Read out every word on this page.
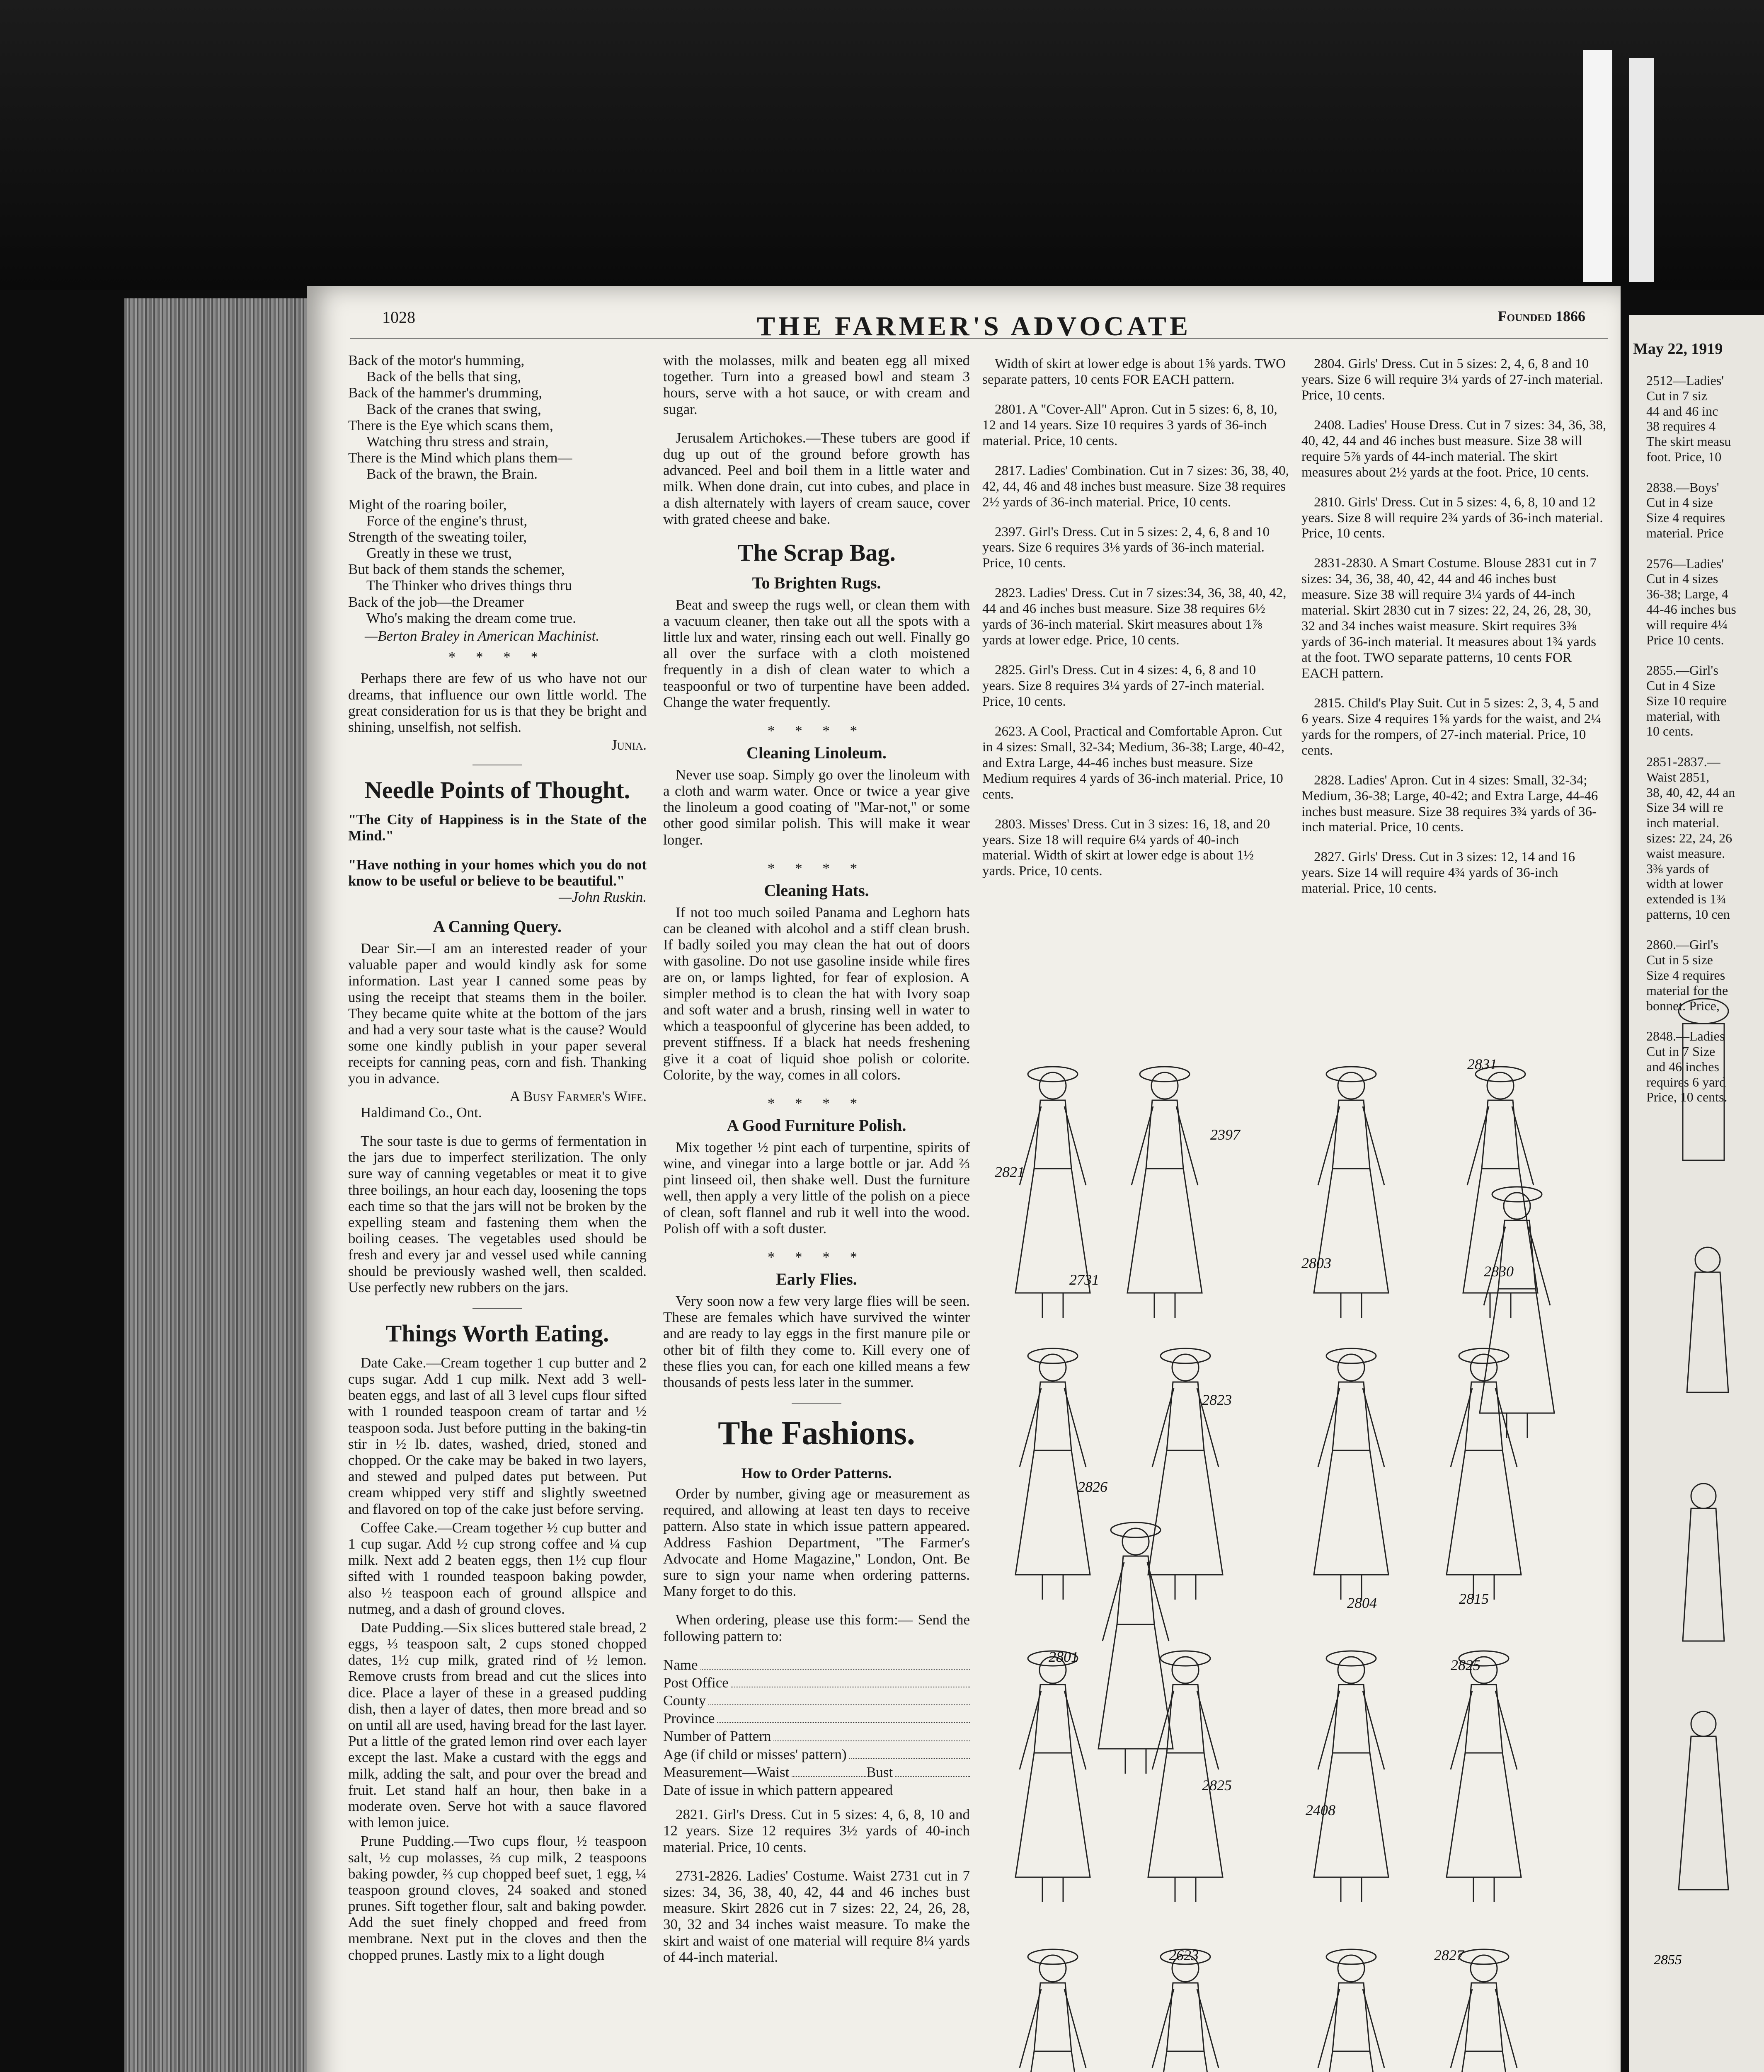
May 22, 1919
2512—Ladies'
Cut in 7 siz
44 and 46 inc
38 requires 4
The skirt measu
foot. Price, 10

2838.—Boys'
Cut in 4 size
Size 4 requires
material. Price

2576—Ladies'
Cut in 4 sizes
36-38; Large, 4
44-46 inches bus
will require 4¼
Price 10 cents.

2855.—Girl's
Cut in 4 Size
Size 10 require
material, with
10 cents.

2851-2837.—
Waist 2851,
38, 40, 42, 44 an
Size 34 will re
inch material.
sizes: 22, 24, 26
waist measure.
3⅜ yards of
width at lower
extended is 1¾
patterns, 10 cen

2860.—Girl's
Cut in 5 size
Size 4 requires
material for the
bonnet. Price,

2848.—Ladies
Cut in 7 Size
and 46 inches
requires 6 yard
Price, 10 cents.
2855
1028	THE FARMER'S ADVOCATE	Founded 1866
Back of the motor's humming,
Back of the bells that sing,
Back of the hammer's drumming,
Back of the cranes that swing,
There is the Eye which scans them,
Watching thru stress and strain,
There is the Mind which plans them—
Back of the brawn, the Brain.
Might of the roaring boiler,
Force of the engine's thrust,
Strength of the sweating toiler,
Greatly in these we trust,
But back of them stands the schemer,
The Thinker who drives things thru
Back of the job—the Dreamer
Who's making the dream come true.
—Berton Braley in American Machinist.
* * * *

Perhaps there are few of us who have not our dreams, that influence our own little world. The great consideration for us is that they be bright and shining, unselfish, not selfish.

Junia.
Needle Points of Thought.

"The City of Happiness is in the State of the Mind."

"Have nothing in your homes which you do not know to be useful or believe to be beautiful."

—John Ruskin.
A Canning Query.

Dear Sir.—I am an interested reader of your valuable paper and would kindly ask for some information. Last year I canned some peas by using the receipt that steams them in the boiler. They became quite white at the bottom of the jars and had a very sour taste what is the cause? Would some one kindly publish in your paper several receipts for canning peas, corn and fish. Thanking you in advance.

A Busy Farmer's Wife.
Haldimand Co., Ont.

The sour taste is due to germs of fermentation in the jars due to imperfect sterilization. The only sure way of canning vegetables or meat it to give three boilings, an hour each day, loosening the tops each time so that the jars will not be broken by the expelling steam and fastening them when the boiling ceases. The vegetables used should be fresh and every jar and vessel used while canning should be previously washed well, then scalded. Use perfectly new rubbers on the jars.

Things Worth Eating.

Date Cake.—Cream together 1 cup butter and 2 cups sugar. Add 1 cup milk. Next add 3 well-beaten eggs, and last of all 3 level cups flour sifted with 1 rounded teaspoon cream of tartar and ½ teaspoon soda. Just before putting in the baking-tin stir in ½ lb. dates, washed, dried, stoned and chopped. Or the cake may be baked in two layers, and stewed and pulped dates put between. Put cream whipped very stiff and slightly sweetned and flavored on top of the cake just before serving.

Coffee Cake.—Cream together ½ cup butter and 1 cup sugar. Add ½ cup strong coffee and ¼ cup milk. Next add 2 beaten eggs, then 1½ cup flour sifted with 1 rounded teaspoon baking powder, also ½ teaspoon each of ground allspice and nutmeg, and a dash of ground cloves.

Date Pudding.—Six slices buttered stale bread, 2 eggs, ⅓ teaspoon salt, 2 cups stoned chopped dates, 1½ cup milk, grated rind of ½ lemon. Remove crusts from bread and cut the slices into dice. Place a layer of these in a greased pudding dish, then a layer of dates, then more bread and so on until all are used, having bread for the last layer. Put a little of the grated lemon rind over each layer except the last. Make a custard with the eggs and milk, adding the salt, and pour over the bread and fruit. Let stand half an hour, then bake in a moderate oven. Serve hot with a sauce flavored with lemon juice.

Prune Pudding.—Two cups flour, ½ teaspoon salt, ½ cup molasses, ⅔ cup milk, 2 teaspoons baking powder, ⅔ cup chopped beef suet, 1 egg, ¼ teaspoon ground cloves, 24 soaked and stoned prunes. Sift together flour, salt and baking powder. Add the suet finely chopped and freed from membrane. Next put in the cloves and then the chopped prunes. Lastly mix to a light dough

with the molasses, milk and beaten egg all mixed together. Turn into a greased bowl and steam 3 hours, serve with a hot sauce, or with cream and sugar.

Jerusalem Artichokes.—These tubers are good if dug up out of the ground before growth has advanced. Peel and boil them in a little water and milk. When done drain, cut into cubes, and place in a dish alternately with layers of cream sauce, cover with grated cheese and bake.

The Scrap Bag.
To Brighten Rugs.

Beat and sweep the rugs well, or clean them with a vacuum cleaner, then take out all the spots with a little lux and water, rinsing each out well. Finally go all over the surface with a cloth moistened frequently in a dish of clean water to which a teaspoonful or two of turpentine have been added. Change the water frequently.

* * * *
Cleaning Linoleum.

Never use soap. Simply go over the linoleum with a cloth and warm water. Once or twice a year give the linoleum a good coating of "Mar-not," or some other good similar polish. This will make it wear longer.

* * * *
Cleaning Hats.

If not too much soiled Panama and Leghorn hats can be cleaned with alcohol and a stiff clean brush. If badly soiled you may clean the hat out of doors with gasoline. Do not use gasoline inside while fires are on, or lamps lighted, for fear of explosion. A simpler method is to clean the hat with Ivory soap and soft water and a brush, rinsing well in water to which a teaspoonful of glycerine has been added, to prevent stiffness. If a black hat needs freshening give it a coat of liquid shoe polish or colorite. Colorite, by the way, comes in all colors.

* * * *
A Good Furniture Polish.

Mix together ½ pint each of turpentine, spirits of wine, and vinegar into a large bottle or jar. Add ⅔ pint linseed oil, then shake well. Dust the furniture well, then apply a very little of the polish on a piece of clean, soft flannel and rub it well into the wood. Polish off with a soft duster.

* * * *
Early Flies.

Very soon now a few very large flies will be seen. These are females which have survived the winter and are ready to lay eggs in the first manure pile or other bit of filth they come to. Kill every one of these flies you can, for each one killed means a few thousands of pests less later in the summer.

The Fashions.
How to Order Patterns.

Order by number, giving age or measurement as required, and allowing at least ten days to receive pattern. Also state in which issue pattern appeared. Address Fashion Department, "The Farmer's Advocate and Home Magazine," London, Ont. Be sure to sign your name when ordering patterns. Many forget to do this.

When ordering, please use this form:— Send the following pattern to:

Name
Post Office
County
Province
Number of Pattern
Age (if child or misses' pattern)
Measurement—Waist	Bust

Date of issue in which pattern appeared

2821. Girl's Dress. Cut in 5 sizes: 4, 6, 8, 10 and 12 years. Size 12 requires 3½ yards of 40-inch material. Price, 10 cents.

2731-2826. Ladies' Costume. Waist 2731 cut in 7 sizes: 34, 36, 38, 40, 42, 44 and 46 inches bust measure. Skirt 2826 cut in 7 sizes: 22, 24, 26, 28, 30, 32 and 34 inches waist measure. To make the skirt and waist of one material will require 8¼ yards of 44-inch material.

Width of skirt at lower edge is about 1⅝ yards. TWO separate patters, 10 cents FOR EACH pattern.

2801. A "Cover-All" Apron. Cut in 5 sizes: 6, 8, 10, 12 and 14 years. Size 10 requires 3 yards of 36-inch material. Price, 10 cents.

2817. Ladies' Combination. Cut in 7 sizes: 36, 38, 40, 42, 44, 46 and 48 inches bust measure. Size 38 requires 2½ yards of 36-inch material. Price, 10 cents.

2397. Girl's Dress. Cut in 5 sizes: 2, 4, 6, 8 and 10 years. Size 6 requires 3⅛ yards of 36-inch material. Price, 10 cents.

2823. Ladies' Dress. Cut in 7 sizes:34, 36, 38, 40, 42, 44 and 46 inches bust measure. Size 38 requires 6½ yards of 36-inch material. Skirt measures about 1⅞ yards at lower edge. Price, 10 cents.

2825. Girl's Dress. Cut in 4 sizes: 4, 6, 8 and 10 years. Size 8 requires 3¼ yards of 27-inch material. Price, 10 cents.

2623. A Cool, Practical and Comfortable Apron. Cut in 4 sizes: Small, 32-34; Medium, 36-38; Large, 40-42, and Extra Large, 44-46 inches bust measure. Size Medium requires 4 yards of 36-inch material. Price, 10 cents.

2803. Misses' Dress. Cut in 3 sizes: 16, 18, and 20 years. Size 18 will require 6¼ yards of 40-inch material. Width of skirt at lower edge is about 1½ yards. Price, 10 cents.

2804. Girls' Dress. Cut in 5 sizes: 2, 4, 6, 8 and 10 years. Size 6 will require 3¼ yards of 27-inch material. Price, 10 cents.

2408. Ladies' House Dress. Cut in 7 sizes: 34, 36, 38, 40, 42, 44 and 46 inches bust measure. Size 38 will require 5⅞ yards of 44-inch material. The skirt measures about 2½ yards at the foot. Price, 10 cents.

2810. Girls' Dress. Cut in 5 sizes: 4, 6, 8, 10 and 12 years. Size 8 will require 2¾ yards of 36-inch material. Price, 10 cents.

2831-2830. A Smart Costume. Blouse 2831 cut in 7 sizes: 34, 36, 38, 40, 42, 44 and 46 inches bust measure. Size 38 will require 3¼ yards of 44-inch material. Skirt 2830 cut in 7 sizes: 22, 24, 26, 28, 30, 32 and 34 inches waist measure. Skirt requires 3⅜ yards of 36-inch material. It measures about 1¾ yards at the foot. TWO separate patterns, 10 cents FOR EACH pattern.

2815. Child's Play Suit. Cut in 5 sizes: 2, 3, 4, 5 and 6 years. Size 4 requires 1⅝ yards for the waist, and 2¼ yards for the rompers, of 27-inch material. Price, 10 cents.

2828. Ladies' Apron. Cut in 4 sizes: Small, 32-34; Medium, 36-38; Large, 40-42; and Extra Large, 44-46 inches bust measure. Size 38 requires 3¾ yards of 36-inch material. Price, 10 cents.

2827. Girls' Dress. Cut in 3 sizes: 12, 14 and 16 years. Size 14 will require 4¾ yards of 36-inch material. Price, 10 cents.

2821
2397
2803
2831
2830
2731
2826
2823
2804	2815
2801
2825
2408
2825
2623	2827
